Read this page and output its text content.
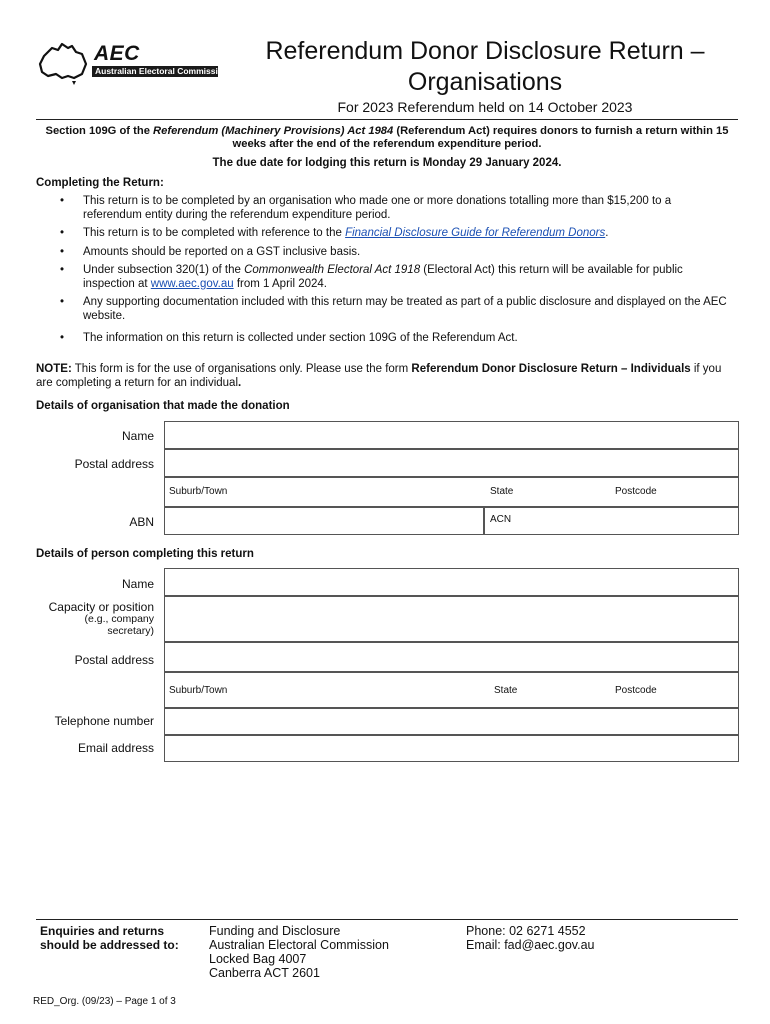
AEC
Australian Electoral Commission
Referendum Donor Disclosure Return –
Organisations
For 2023 Referendum held on 14 October 2023
Section 109G of the Referendum (Machinery Provisions) Act 1984 (Referendum Act) requires donors to furnish a return within 15 weeks after the end of the referendum expenditure period.
The due date for lodging this return is Monday 29 January 2024.
Completing the Return:
• This return is to be completed by an organisation who made one or more donations totalling more than $15,200 to a referendum entity during the referendum expenditure period.
• This return is to be completed with reference to the Financial Disclosure Guide for Referendum Donors.
• Amounts should be reported on a GST inclusive basis.
• Under subsection 320(1) of the Commonwealth Electoral Act 1918 (Electoral Act) this return will be available for public inspection at www.aec.gov.au from 1 April 2024.
• Any supporting documentation included with this return may be treated as part of a public disclosure and displayed on the AEC website.
• The information on this return is collected under section 109G of the Referendum Act.
NOTE: This form is for the use of organisations only. Please use the form Referendum Donor Disclosure Return – Individuals if you are completing a return for an individual.
Details of organisation that made the donation
Name
Postal address
Suburb/Town	State	Postcode
ABN	ACN
Details of person completing this return
Name
Capacity or position
(e.g., company
secretary)
Postal address
Suburb/Town	State	Postcode
Telephone number
Email address
Enquiries and returns
should be addressed to:
Funding and Disclosure
Australian Electoral Commission
Locked Bag 4007
Canberra ACT 2601
Phone: 02 6271 4552
Email: fad@aec.gov.au
RED_Org. (09/23) – Page 1 of 3
